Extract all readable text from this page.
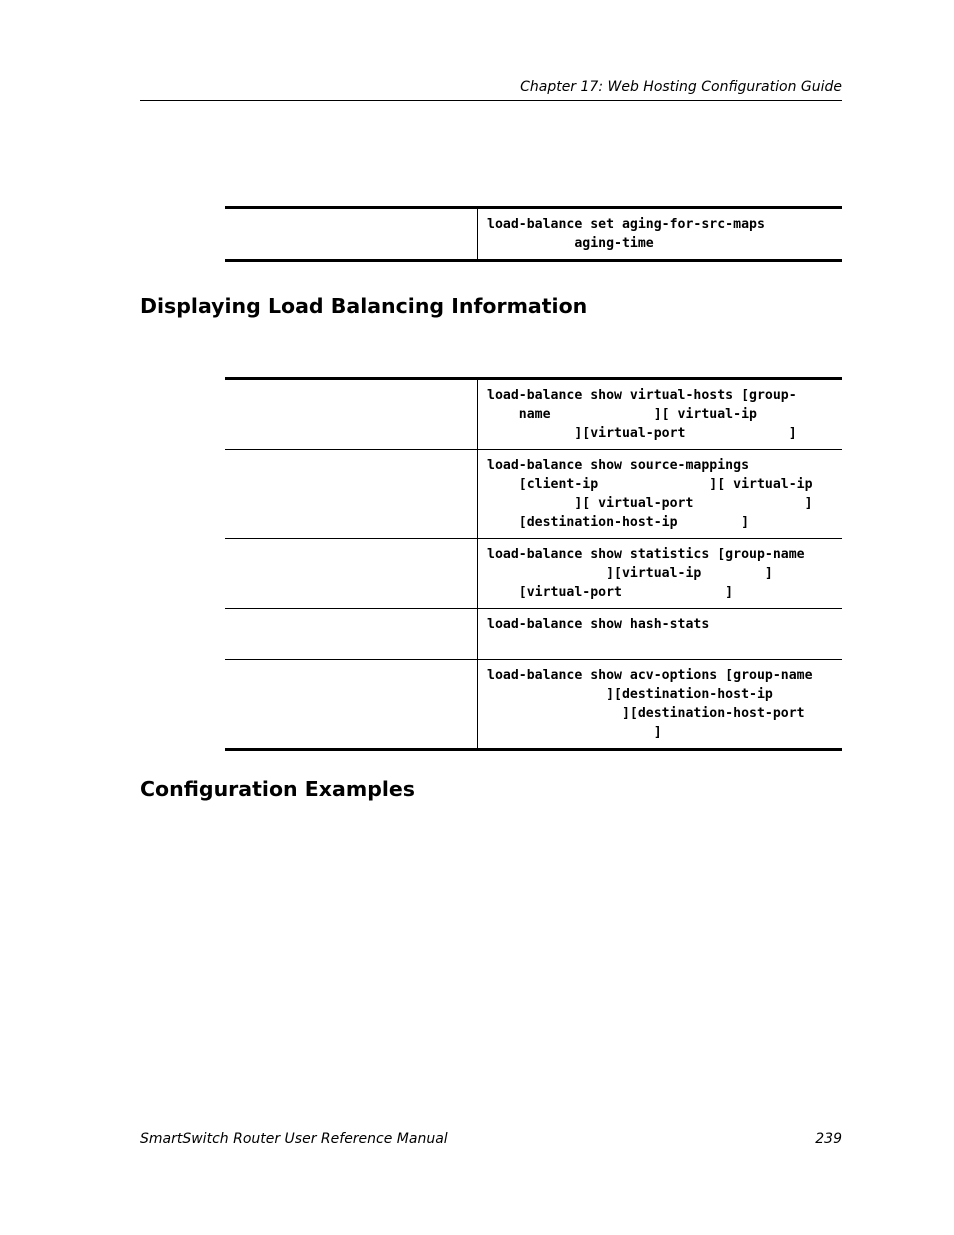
Chapter 17: Web Hosting Configuration Guide
load-balance set aging-for-src-maps
aging-time
Displaying Load Balancing Information
load-balance show virtual-hosts [group-
name             ][ virtual-ip
][virtual-port             ]
load-balance show source-mappings
[client-ip              ][ virtual-ip
][ virtual-port              ]
[destination-host-ip        ]
load-balance show statistics [group-name
][virtual-ip        ]
[virtual-port             ]
load-balance show hash-stats
load-balance show acv-options [group-name
][destination-host-ip
][destination-host-port
]
Configuration Examples
SmartSwitch Router User Reference Manual	239
